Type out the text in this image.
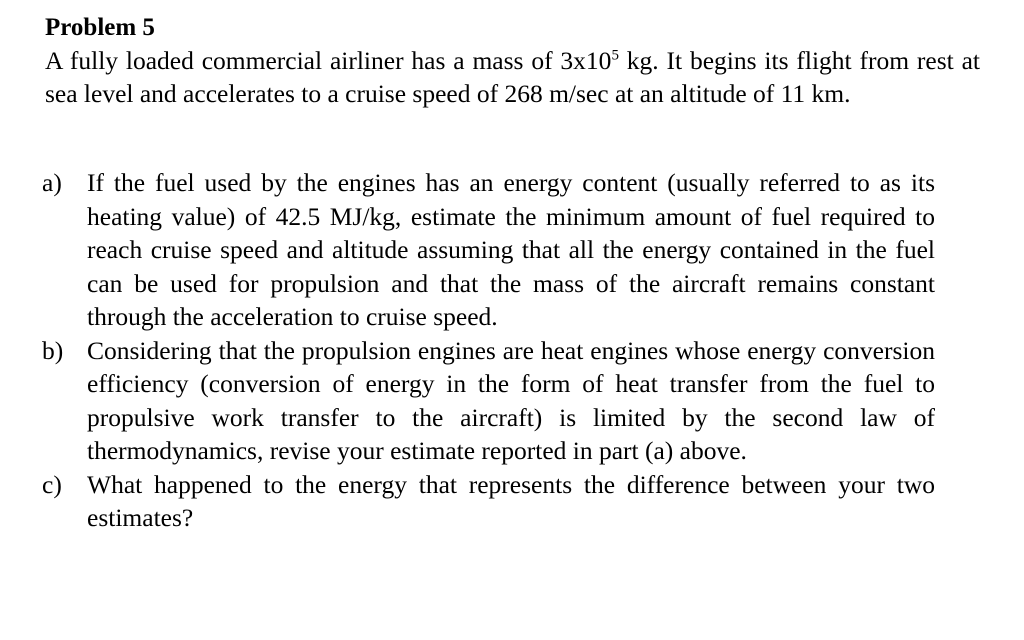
Problem 5

A fully loaded commercial airliner has a mass of $3x10^5$ kg. It begins its flight from rest at sea level and accelerates to a cruise speed of 268 m/sec at an altitude of 11 km.

a) If the fuel used by the engines has an energy content (usually referred to as its heating value) of 42.5 MJ/kg, estimate the minimum amount of fuel required to reach cruise speed and altitude assuming that all the energy contained in the fuel can be used for propulsion and that the mass of the aircraft remains constant through the acceleration to cruise speed.
b) Considering that the propulsion engines are heat engines whose energy conversion efficiency (conversion of energy in the form of heat transfer from the fuel to propulsive work transfer to the aircraft) is limited by the second law of thermodynamics, revise your estimate reported in part (a) above.
c) What happened to the energy that represents the difference between your two estimates?
